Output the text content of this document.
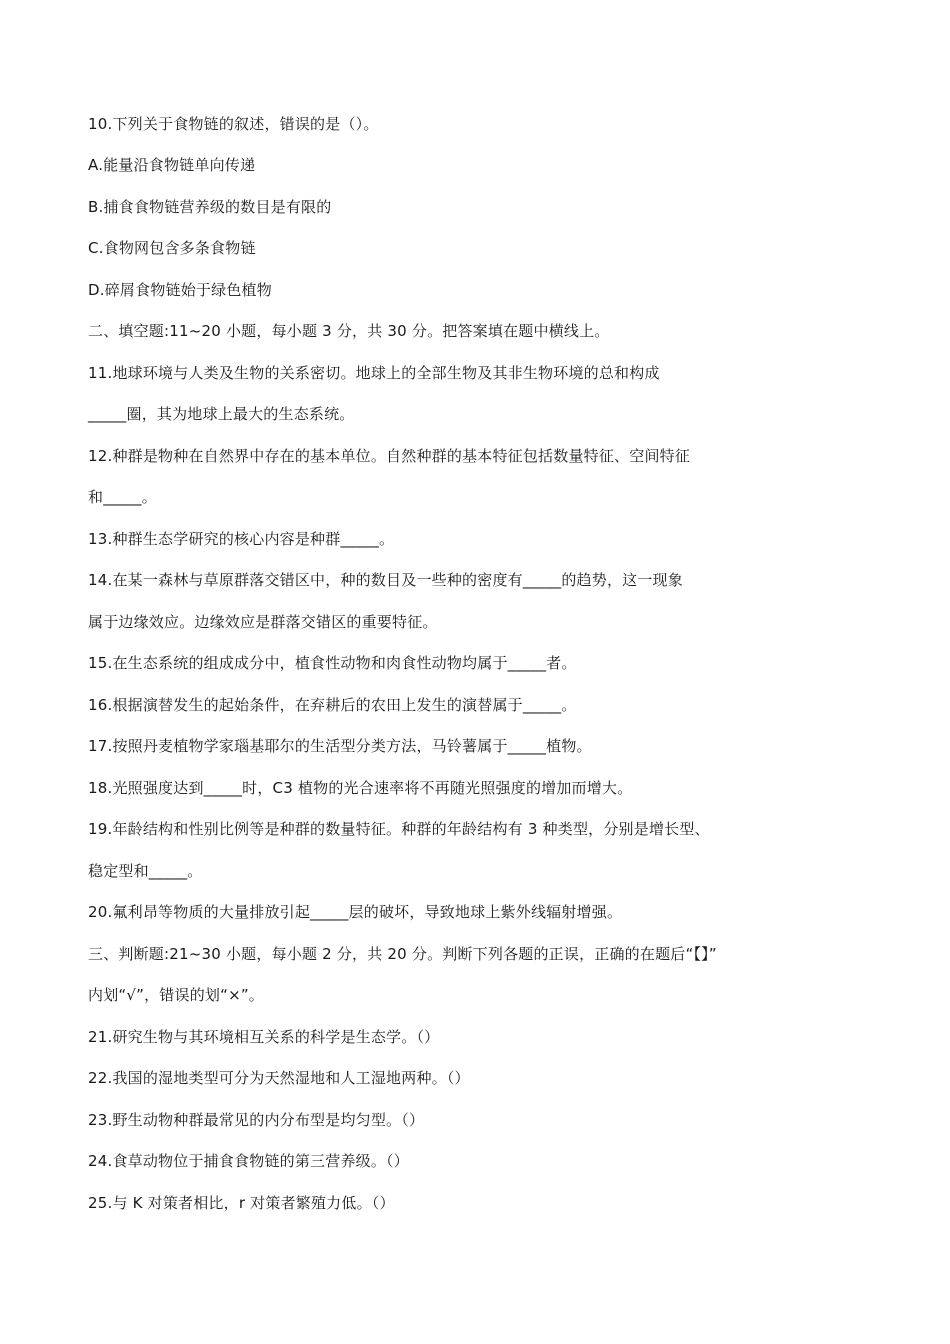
10.下列关于食物链的叙述，错误的是（）。
A.能量沿食物链单向传递
B.捕食食物链营养级的数目是有限的
C.食物网包含多条食物链
D.碎屑食物链始于绿色植物
二、填空题:11~20 小题，每小题 3 分，共 30 分。把答案填在题中横线上。
11.地球环境与人类及生物的关系密切。地球上的全部生物及其非生物环境的总和构成
_____圈，其为地球上最大的生态系统。
12.种群是物种在自然界中存在的基本单位。自然种群的基本特征包括数量特征、空间特征
和_____。
13.种群生态学研究的核心内容是种群_____。
14.在某一森林与草原群落交错区中，种的数目及一些种的密度有_____的趋势，这一现象
属于边缘效应。边缘效应是群落交错区的重要特征。
15.在生态系统的组成成分中，植食性动物和肉食性动物均属于_____者。
16.根据演替发生的起始条件，在弃耕后的农田上发生的演替属于_____。
17.按照丹麦植物学家瑙基耶尔的生活型分类方法，马铃薯属于_____植物。
18.光照强度达到_____时，C3 植物的光合速率将不再随光照强度的增加而增大。
19.年龄结构和性别比例等是种群的数量特征。种群的年龄结构有 3 种类型，分别是增长型、
稳定型和_____。
20.氟利昂等物质的大量排放引起_____层的破坏，导致地球上紫外线辐射增强。
三、判断题:21~30 小题，每小题 2 分，共 20 分。判断下列各题的正误，正确的在题后“【】”
内划“√”，错误的划“×”。
21.研究生物与其环境相互关系的科学是生态学。（）
22.我国的湿地类型可分为天然湿地和人工湿地两种。（）
23.野生动物种群最常见的内分布型是均匀型。（）
24.食草动物位于捕食食物链的第三营养级。（）
25.与 K 对策者相比，r 对策者繁殖力低。（）
